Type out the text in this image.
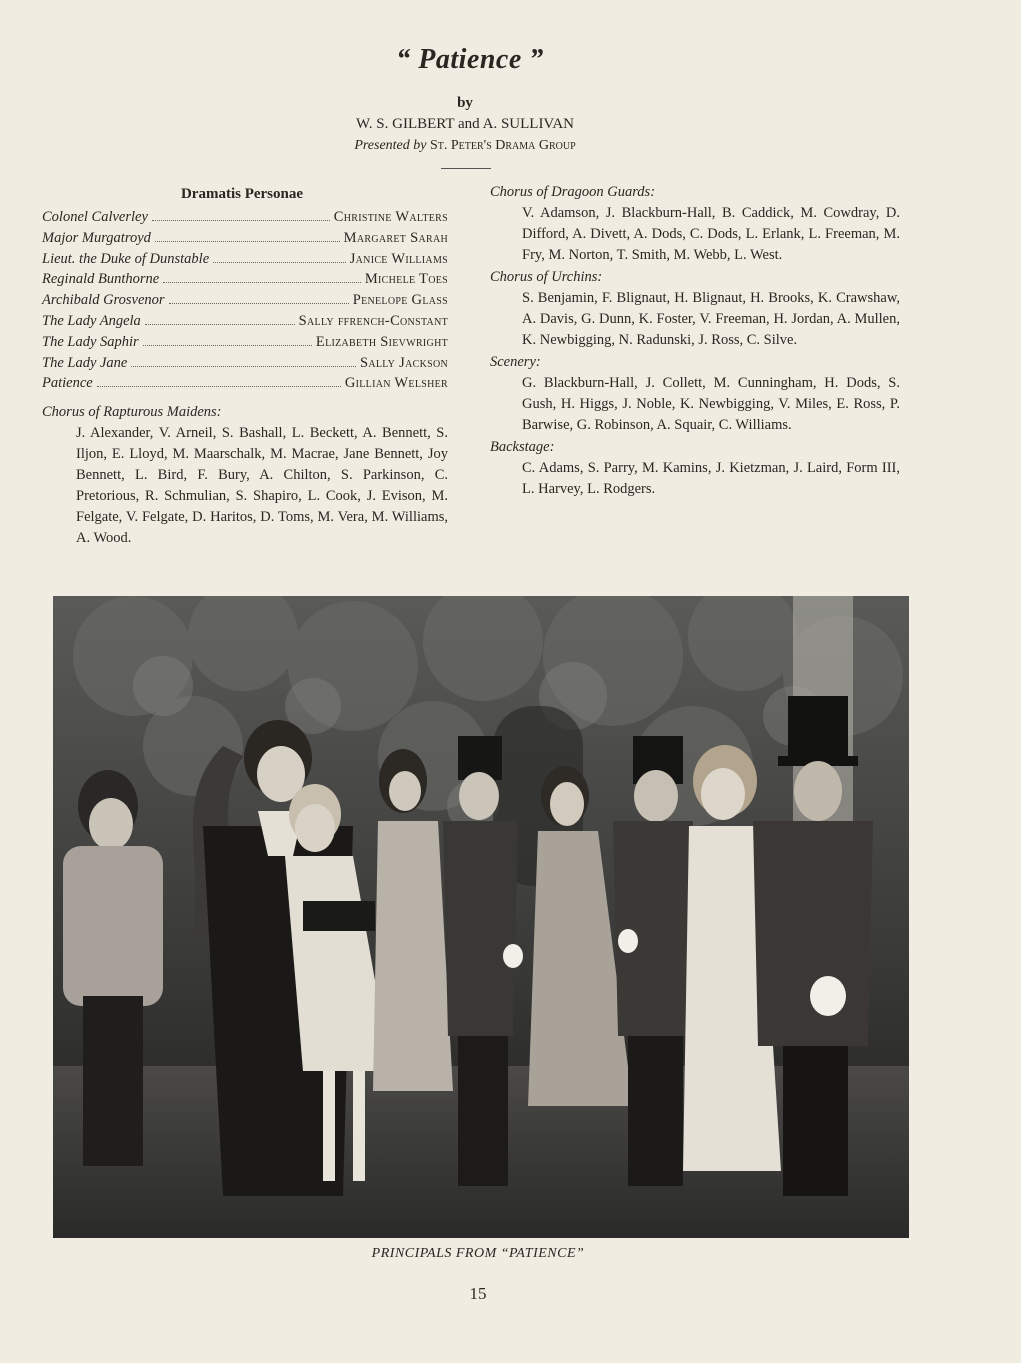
“ Patience ”
by
W. S. GILBERT and A. SULLIVAN
Presented by St. Peter's Drama Group
Dramatis Personae
Colonel Calverley	Christine Walters
Major Murgatroyd	Margaret Sarah
Lieut. the Duke of Dunstable	Janice Williams
Reginald Bunthorne	Michele Toes
Archibald Grosvenor	Penelope Glass
The Lady Angela	Sally ffrench-Constant
The Lady Saphir	Elizabeth Sievwright
The Lady Jane	Sally Jackson
Patience	Gillian Welsher
Chorus of Rapturous Maidens:
J. Alexander, V. Arneil, S. Bashall, L. Beckett, A. Bennett, S. Iljon, E. Lloyd, M. Maarschalk, M. Macrae, Jane Bennett, Joy Bennett, L. Bird, F. Bury, A. Chilton, S. Parkinson, C. Pretorious, R. Schmulian, S. Shapiro, L. Cook, J. Evison, M. Felgate, V. Felgate, D. Haritos, D. Toms, M. Vera, M. Williams, A. Wood.
Chorus of Dragoon Guards:
V. Adamson, J. Blackburn-Hall, B. Caddick, M. Cowdray, D. Difford, A. Divett, A. Dods, C. Dods, L. Erlank, L. Freeman, M. Fry, M. Norton, T. Smith, M. Webb, L. West.
Chorus of Urchins:
S. Benjamin, F. Blignaut, H. Blignaut, H. Brooks, K. Crawshaw, A. Davis, G. Dunn, K. Foster, V. Freeman, H. Jordan, A. Mullen, K. Newbigging, N. Radunski, J. Ross, C. Silve.
Scenery:
G. Blackburn-Hall, J. Collett, M. Cunningham, H. Dods, S. Gush, H. Higgs, J. Noble, K. Newbigging, V. Miles, E. Ross, P. Barwise, G. Robinson, A. Squair, C. Williams.
Backstage:
C. Adams, S. Parry, M. Kamins, J. Kietzman, J. Laird, Form III, L. Harvey, L. Rodgers.
PRINCIPALS FROM “PATIENCE”
15
